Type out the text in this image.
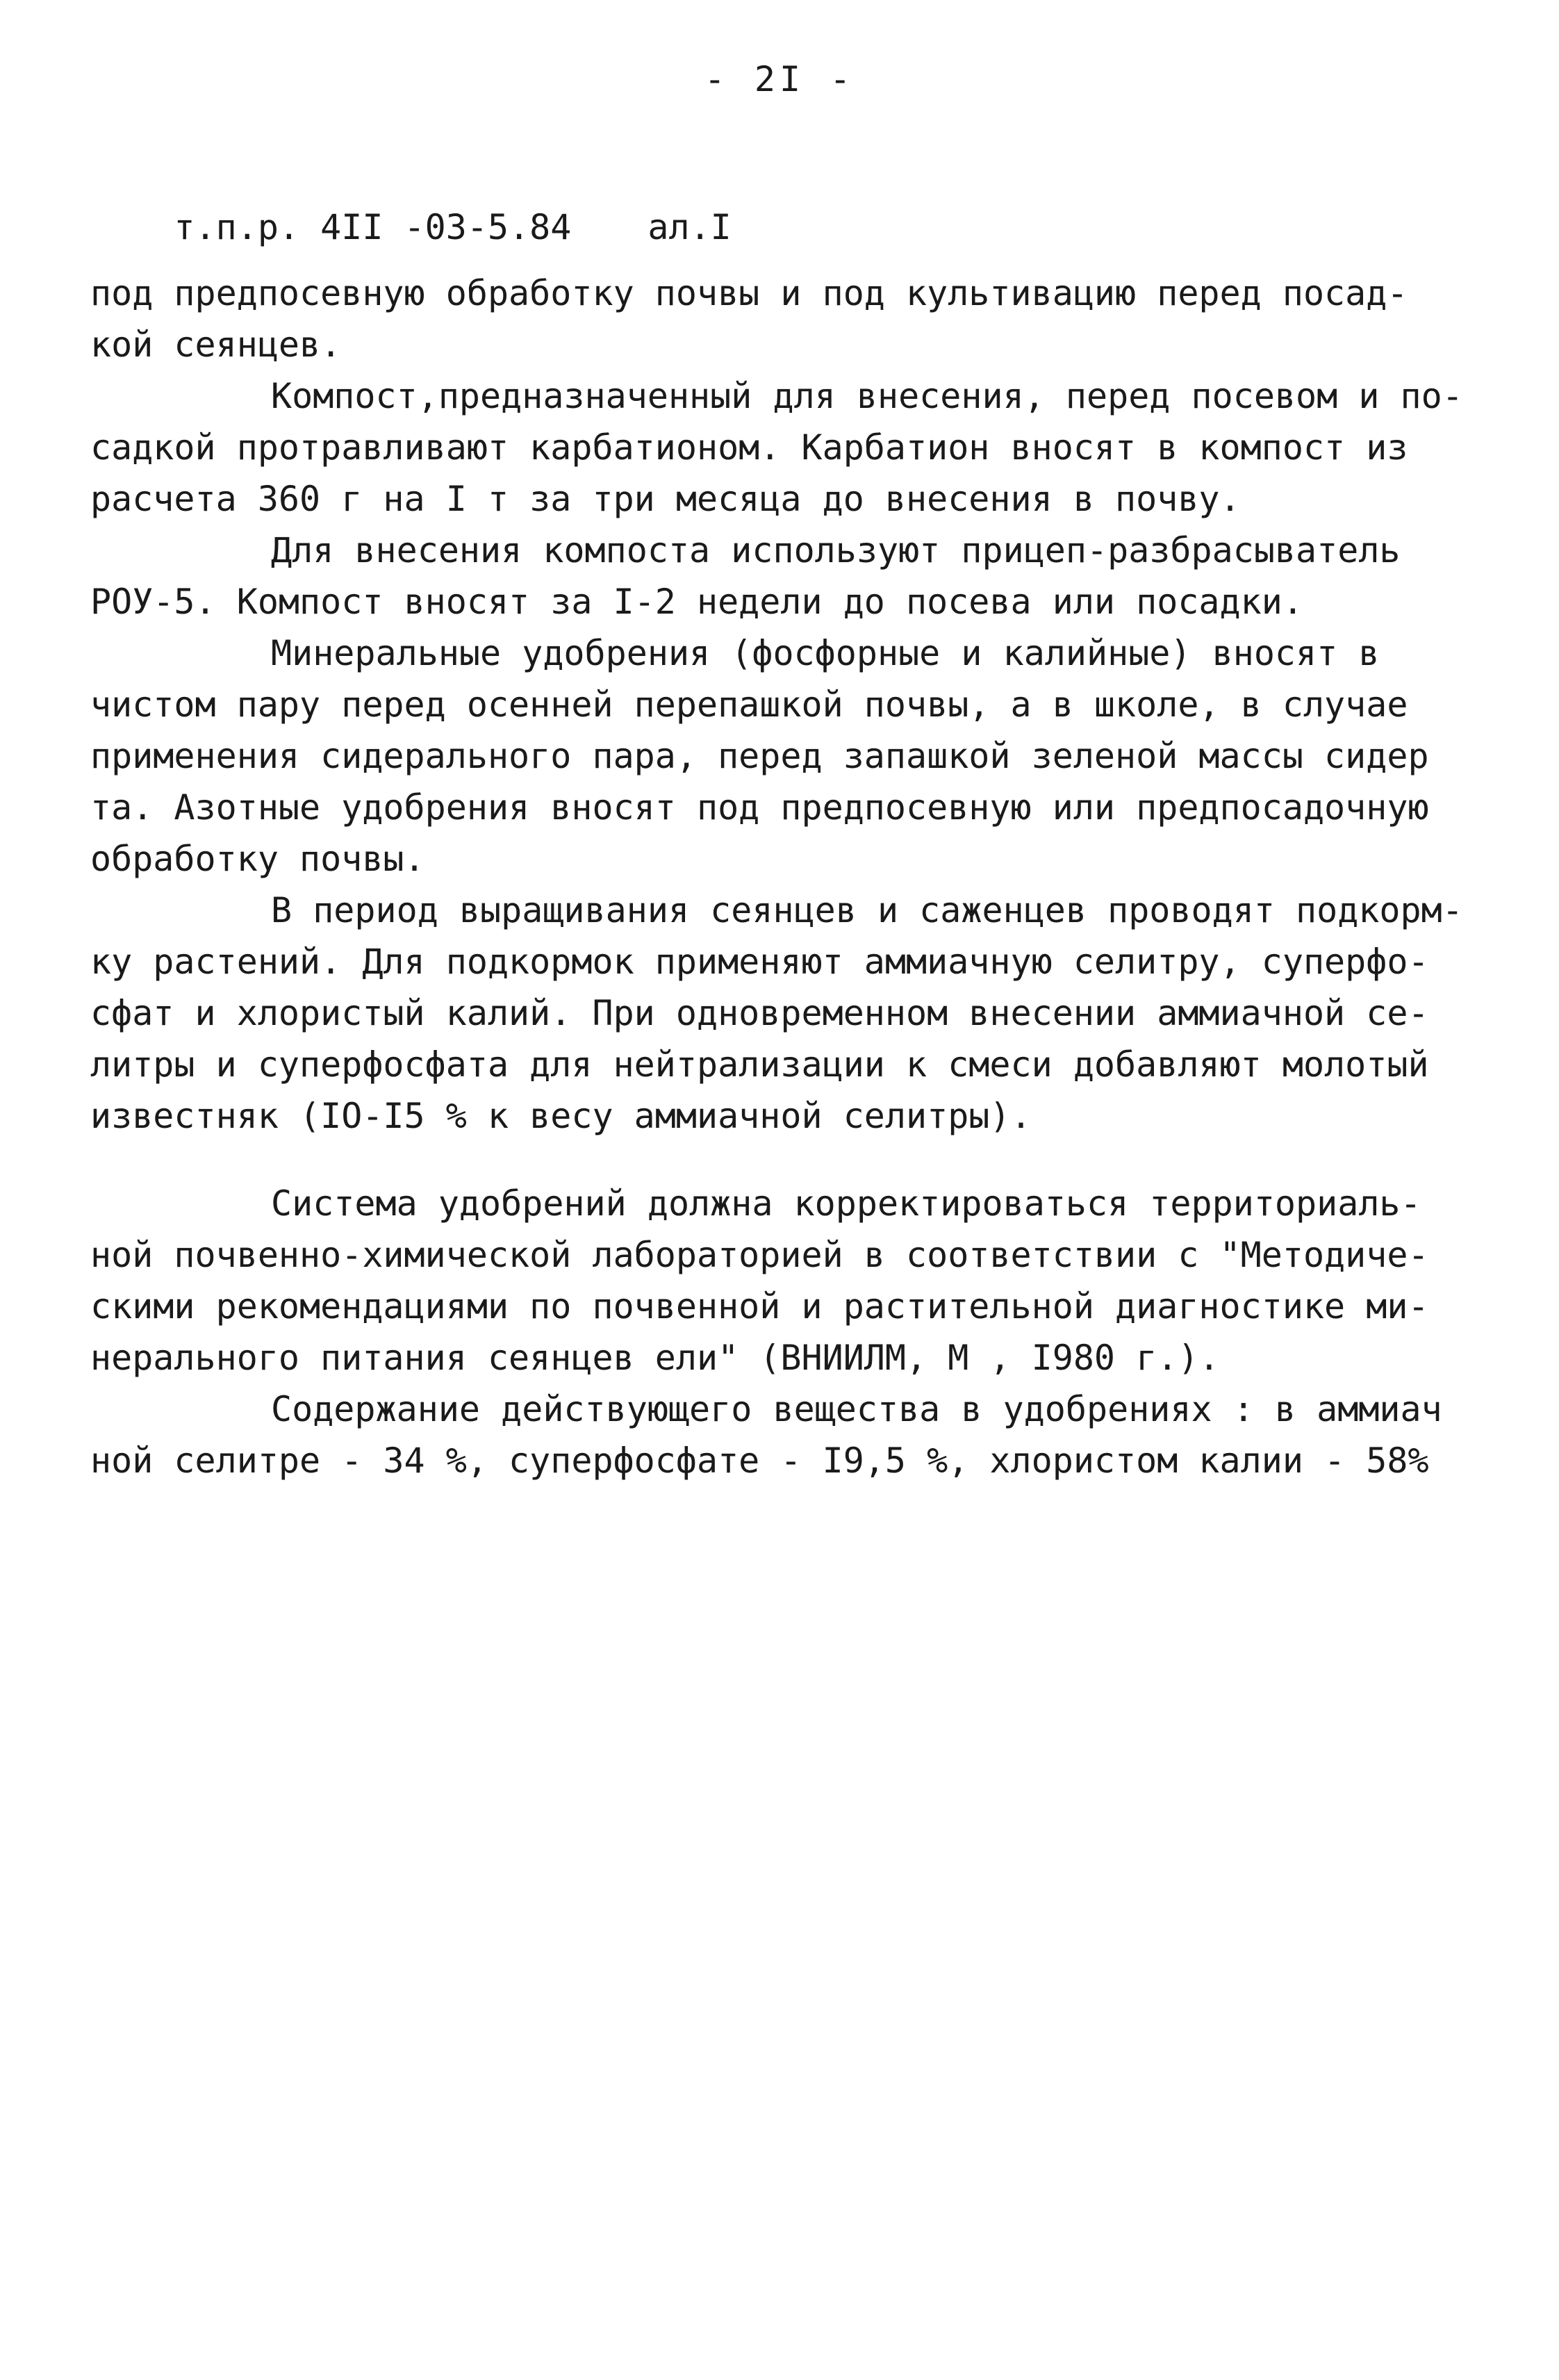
- 2I -

т.п.р. 4II -03-5.84 ал.I

под предпосевную обработку почвы и под культивацию перед посад-
кой сеянцев.
Компост,предназначенный для внесения, перед посевом и по-
садкой протравливают карбатионом. Карбатион вносят в компост из
расчета 360 г на I т за три месяца до внесения в почву.
Для внесения компоста используют прицеп-разбрасыватель
РОУ-5. Компост вносят за I-2 недели до посева или посадки.
Минеральные удобрения (фосфорные и калийные) вносят в
чистом пару перед осенней перепашкой почвы, а в школе, в случае
применения сидерального пара, перед запашкой зеленой массы сидер
та. Азотные удобрения вносят под предпосевную или предпосадочную
обработку почвы.
В период выращивания сеянцев и саженцев проводят подкорм-
ку растений. Для подкормок применяют аммиачную селитру, суперфо-
сфат и хлористый калий. При одновременном внесении аммиачной се-
литры и суперфосфата для нейтрализации к смеси добавляют молотый
известняк (IO-I5 % к весу аммиачной селитры).
Система удобрений должна корректироваться территориаль-
ной почвенно-химической лабораторией в соответствии с "Методиче-
скими рекомендациями по почвенной и растительной диагностике ми-
нерального питания сеянцев ели" (ВНИИЛМ, М , I980 г.).
Содержание действующего вещества в удобрениях : в аммиач
ной селитре - 34 %, суперфосфате - I9,5 %, хлористом калии - 58%
